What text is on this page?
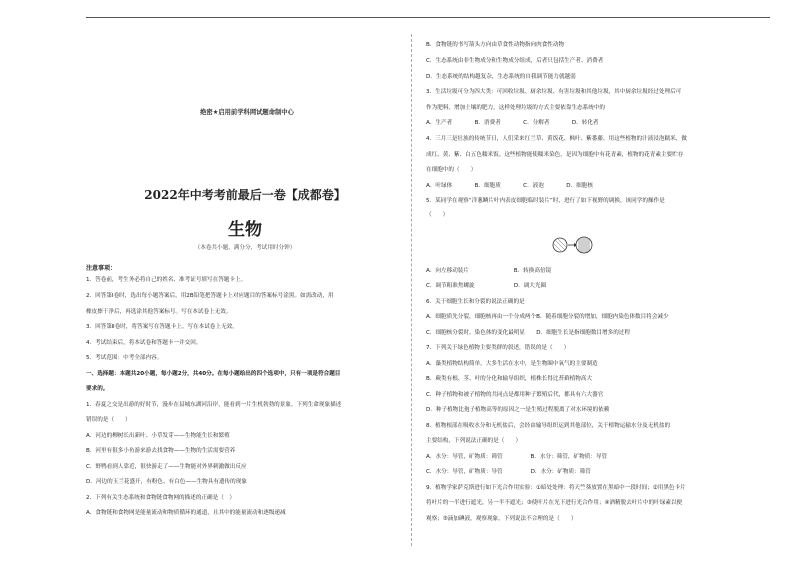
绝密★启用前学科网试题命制中心
2022年中考考前最后一卷【成都卷】
生物
（本卷共小题，满分分，考试用时分钟）
注意事项：
1．答卷前，考生务必将自己的姓名、准考证号填写在答题卡上。
2．回答第Ⅰ卷时，选出每小题答案后，用2B铅笔把答题卡上对应题目的答案标号涂黑。如需改动，用
橡皮擦干净后，再选涂其他答案标号。写在本试卷上无效。
3．回答第Ⅱ卷时，将答案写在答题卡上。写在本试卷上无效。
4．考试结束后，将本试卷和答题卡一并交回。
5．考试范围：中考全部内容。
一、选择题：本题共20小题，每小题2分，共40分。在每小题给出的四个选项中，只有一项是符合题目
要求的。
1．春夏之交是出游的好时节，漫步在县城东湖河沿岸，能看到一片生机勃勃的景象。下列生命现象描述
错误的是（　　）
A．河边的柳树长出新叶、小草发芽——生物能生长和繁殖
B．河里有很多小鱼游来游去找食物——生物的生活需要营养
C．野鸭看到人靠近，很快游走了——生物能对外界刺激做出反应
D．河边的玉兰花盛开，有粉色、有白色——生物具有遗传的现象
2．下列有关生态系统和食物链食物网的描述的正确是（　）
A．食物链和食物网是能量流动和物质循环的通道，且其中的能量流动和逐级递减
B．食物链的书写箭头方向由草食性动物指向肉食性动物
C．生态系统由非生物成分和生物成分组成，后者只包括生产者、消费者
D．生态系统的结构越复杂，生态系统的自我调节能力就越弱
3．生活垃圾可分为四大类：可回收垃圾、厨余垃圾、有害垃圾和其他垃圾，其中厨余垃圾经过处理后可
作为肥料，增加土壤的肥力，这样处理垃圾的方式主要依靠生态系统中的
A．生产者　　　　B．消费者　　　　C．分解者　　　　D．转化者
4．三月三是壮族的传统节日，人们采来红兰草、黄饭花、枫叶、紫番藤，用这些植物的汁液浸泡糯米，做
成红、黄、紫、白五色糯米饭。这些植物能使糯米染色，是因为细胞中有花青素，植物的花青素主要贮存
在细胞中的（　　）
A．叶绿体　　　　B．细胞质　　　　C．液泡　　　　D．细胞核
5．某同学在观察“洋葱鳞片叶内表皮细胞临时装片”时，进行了如下视野的调换，该同学的操作是
（　　）
A．向左移动装片　　　　　　　　B．转换高倍镜
C．调节粗准焦螺旋　　　　　　　D．调大光圈
6．关于细胞生长和分裂的说法正确的是
A．细胞质先分裂，细胞核再由一个分成两个B．随着细胞分裂的增加，细胞内染色体数目将会减少
C．细胞核分裂时，染色体的变化最明显　　D．细胞生长是指细胞数目增多的过程
7．下列关于绿色植物主要类群的叙述，错误的是（　　）
A．藻类植物结构简单，大多生活在水中，是生物圈中氧气的主要制造
B．蕨类有根、茎、叶的分化和输导组织，植株长得比苔藓植物高大
C．种子植物和被子植物的共同点是都用种子繁殖后代，都具有六大器官
D．种子植物比孢子植物高等的原因之一是生殖过程脱离了对水环境的依赖
8．植物根部在吸收水分和无机盐后，会经由输导组织运到其他部位，关于植物运输水分及无机盐的
主要结构，下列说法正确的是（　　）
A．水分：导管，矿物质：筛管　　　　　B．水分：筛管，矿物质：导管
C．水分：导管，矿物质：导管　　　　　D．水分：矿物质：筛管
9．植物学家萨克斯进行如下光合作用实验：①暗处处理：将天竺葵放置在黑暗中一段时间；②用黑色卡片
将叶片的一半进行遮光，另一半不遮光；③使叶片在光下进行光合作用；④酒精脱去叶片中的叶绿素以便
观察；⑤滴加碘液，观察现象。下列说法不合理的是（　　）
